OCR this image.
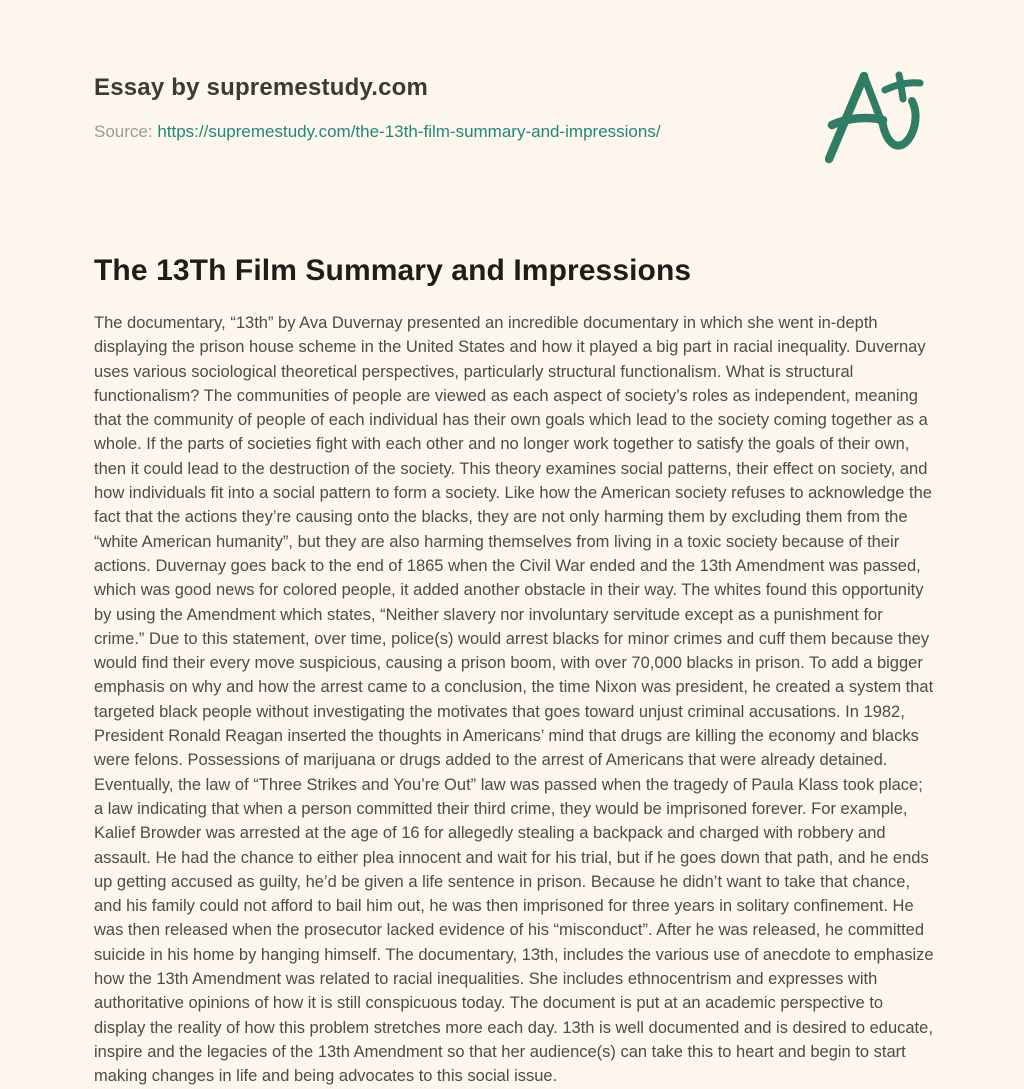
Essay by supremestudy.com

Source: https://supremestudy.com/the-13th-film-summary-and-impressions/

The 13Th Film Summary and Impressions

The documentary, “13th” by Ava Duvernay presented an incredible documentary in which she went in-depth displaying the prison house scheme in the United States and how it played a big part in racial inequality. Duvernay uses various sociological theoretical perspectives, particularly structural functionalism. What is structural functionalism? The communities of people are viewed as each aspect of society’s roles as independent, meaning that the community of people of each individual has their own goals which lead to the society coming together as a whole. If the parts of societies fight with each other and no longer work together to satisfy the goals of their own, then it could lead to the destruction of the society. This theory examines social patterns, their effect on society, and how individuals fit into a social pattern to form a society. Like how the American society refuses to acknowledge the fact that the actions they’re causing onto the blacks, they are not only harming them by excluding them from the “white American humanity”, but they are also harming themselves from living in a toxic society because of their actions. Duvernay goes back to the end of 1865 when the Civil War ended and the 13th Amendment was passed, which was good news for colored people, it added another obstacle in their way. The whites found this opportunity by using the Amendment which states, “Neither slavery nor involuntary servitude except as a punishment for crime.” Due to this statement, over time, police(s) would arrest blacks for minor crimes and cuff them because they would find their every move suspicious, causing a prison boom, with over 70,000 blacks in prison. To add a bigger emphasis on why and how the arrest came to a conclusion, the time Nixon was president, he created a system that targeted black people without investigating the motivates that goes toward unjust criminal accusations. In 1982, President Ronald Reagan inserted the thoughts in Americans’ mind that drugs are killing the economy and blacks were felons. Possessions of marijuana or drugs added to the arrest of Americans that were already detained. Eventually, the law of “Three Strikes and You’re Out” law was passed when the tragedy of Paula Klass took place; a law indicating that when a person committed their third crime, they would be imprisoned forever. For example, Kalief Browder was arrested at the age of 16 for allegedly stealing a backpack and charged with robbery and assault. He had the chance to either plea innocent and wait for his trial, but if he goes down that path, and he ends up getting accused as guilty, he’d be given a life sentence in prison. Because he didn’t want to take that chance, and his family could not afford to bail him out, he was then imprisoned for three years in solitary confinement. He was then released when the prosecutor lacked evidence of his “misconduct”. After he was released, he committed suicide in his home by hanging himself. The documentary, 13th, includes the various use of anecdote to emphasize how the 13th Amendment was related to racial inequalities. She includes ethnocentrism and expresses with authoritative opinions of how it is still conspicuous today. The document is put at an academic perspective to display the reality of how this problem stretches more each day. 13th is well documented and is desired to educate, inspire and the legacies of the 13th Amendment so that her audience(s) can take this to heart and begin to start making changes in life and being advocates to this social issue.
